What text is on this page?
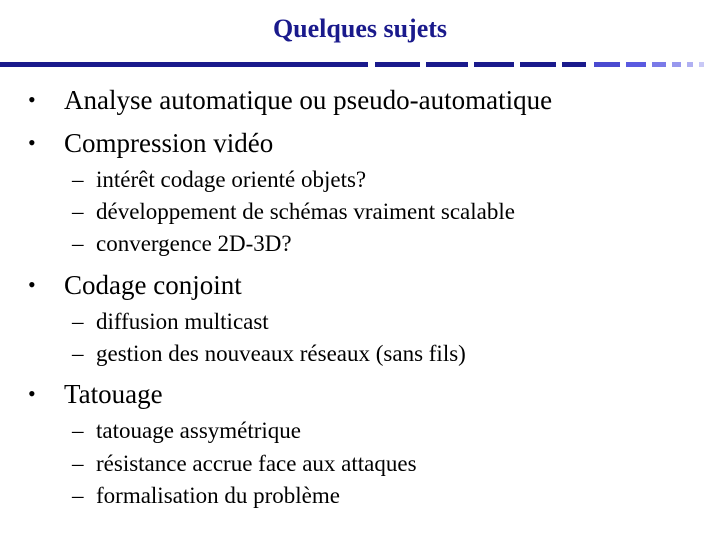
Quelques sujets
• Analyse automatique ou pseudo-automatique
• Compression vidéo
– intérêt codage orienté objets?
– développement de schémas vraiment scalable
– convergence 2D-3D?
• Codage conjoint
– diffusion multicast
– gestion des nouveaux réseaux (sans fils)
• Tatouage
– tatouage assymétrique
– résistance accrue face aux attaques
– formalisation du problème
